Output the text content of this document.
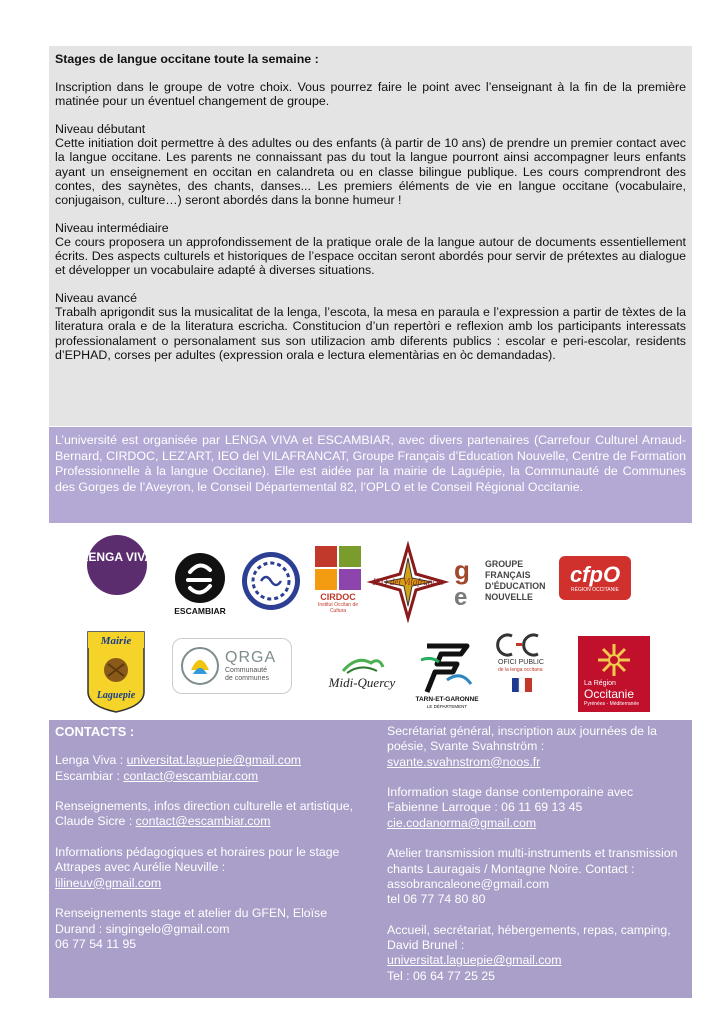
Stages de langue occitane toute la semaine :

Inscription dans le groupe de votre choix. Vous pourrez faire le point avec l’enseignant à la fin de la première matinée pour un éventuel changement de groupe.

Niveau débutant

Cette initiation doit permettre à des adultes ou des enfants (à partir de 10 ans) de prendre un premier contact avec la langue occitane. Les parents ne connaissant pas du tout la langue pourront ainsi accompagner leurs enfants ayant un enseignement en occitan en calandreta ou en classe bilingue publique. Les cours comprendront des contes, des saynètes, des chants, danses... Les premiers éléments de vie en langue occitane (vocabulaire, conjugaison, culture…) seront abordés dans la bonne humeur !

Niveau intermédiaire

Ce cours proposera un approfondissement de la pratique orale de la langue autour de documents essentiellement écrits. Des aspects culturels et historiques de l’espace occitan seront abordés pour servir de prétextes au dialogue et développer un vocabulaire adapté à diverses situations.

Niveau avancé

Trabalh aprigondit sus la musicalitat de la lenga, l’escota, la mesa en paraula e l’expression a partir de tèxtes de la literatura orala e de la literatura escricha. Constitucion d’un repertòri e reflexion amb los participants interessats professionalament o personalament sus son utilizacion amb diferents publics : escolar e peri-escolar, residents d’EPHAD, corses per adultes (expression orala e lectura elementàrias en òc demandadas).

L’université est organisée par LENGA VIVA et ESCAMBIAR, avec divers partenaires (Carrefour Culturel Arnaud-Bernard, CIRDOC, LEZ’ART, IEO del VILAFRANCAT, Groupe Français d’Education Nouvelle, Centre de Formation Professionnelle à la langue Occitane). Elle est aidée par la mairie de Laguépie, la Communauté de Communes des Gorges de l’Aveyron, le Conseil Départemental 82, l’OPLO et le Conseil Régional Occitanie.

LENGA VIVA
ESCAMBIAR
CIRDOC
Institut Occitan de Cultura
IEO del Vilafrancat g
e
GROUPE
FRANÇAIS
D’ÉDUCATION
NOUVELLE
cfpO
RÉGION OCCITANIE
Mairie
Laguepie
QRGA
Communauté
de communes	Midi-Quercy
TARN-ET-GARONNE
LE DÉPARTEMENT
OFICI PUBLIC
de la lenga occitana
La Région
Occitanie
Pyrénées - Méditerranée
CONTACTS :
Lenga Viva : universitat.laguepie@gmail.com
Escambiar : contact@escambiar.com
Renseignements, infos direction culturelle et artistique, Claude Sicre : contact@escambiar.com
Informations pédagogiques et horaires pour le stage Attrapes avec Aurélie Neuville :
lilineuv@gmail.com
Renseignements stage et atelier du GFEN, Eloïse Durand : singingelo@gmail.com
06 77 54 11 95
Secrétariat général, inscription aux journées de la poésie, Svante Svahnström :
svante.svahnstrom@noos.fr
Information stage danse contemporaine avec Fabienne Larroque : 06 11 69 13 45
cie.codanorma@gmail.com
Atelier transmission multi-instruments et transmission chants Lauragais / Montagne Noire. Contact : assobrancaleone@gmail.com
tel 06 77 74 80 80
Accueil, secrétariat, hébergements, repas, camping, David Brunel :
universitat.laguepie@gmail.com
Tel : 06 64 77 25 25
